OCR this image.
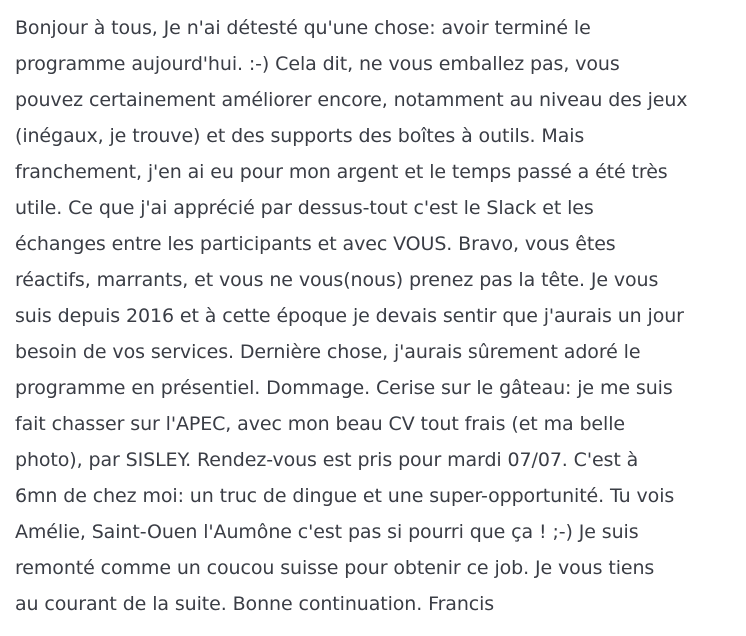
Bonjour à tous, Je n'ai détesté qu'une chose: avoir terminé le
programme aujourd'hui. :-) Cela dit, ne vous emballez pas, vous
pouvez certainement améliorer encore, notamment au niveau des jeux
(inégaux, je trouve) et des supports des boîtes à outils. Mais
franchement, j'en ai eu pour mon argent et le temps passé a été très
utile. Ce que j'ai apprécié par dessus-tout c'est le Slack et les
échanges entre les participants et avec VOUS. Bravo, vous êtes
réactifs, marrants, et vous ne vous(nous) prenez pas la tête. Je vous
suis depuis 2016 et à cette époque je devais sentir que j'aurais un jour
besoin de vos services. Dernière chose, j'aurais sûrement adoré le
programme en présentiel. Dommage. Cerise sur le gâteau: je me suis
fait chasser sur l'APEC, avec mon beau CV tout frais (et ma belle
photo), par SISLEY. Rendez-vous est pris pour mardi 07/07. C'est à
6mn de chez moi: un truc de dingue et une super-opportunité. Tu vois
Amélie, Saint-Ouen l'Aumône c'est pas si pourri que ça ! ;-) Je suis
remonté comme un coucou suisse pour obtenir ce job. Je vous tiens
au courant de la suite. Bonne continuation. Francis
